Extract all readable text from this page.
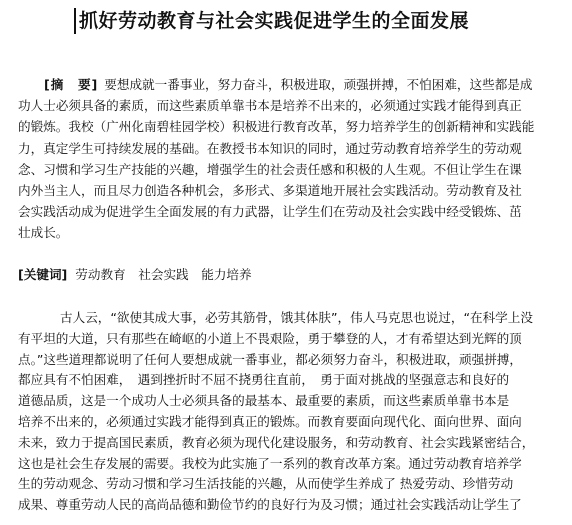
抓好劳动教育与社会实践促进学生的全面发展
[摘　要] 要想成就一番事业，努力奋斗，积极进取，顽强拼搏，不怕困难，这些都是成
功人士必须具备的素质，而这些素质单靠书本是培养不出来的，必须通过实践才能得到真正
的锻炼。我校（广州化南碧桂园学校）积极进行教育改革，努力培养学生的创新精神和实践能
力，真定学生可持续发展的基础。在教授书本知识的同时，通过劳动教育培养学生的劳动观
念、习惯和学习生产技能的兴趣，增强学生的社会责任感和积极的人生观。不但让学生在课
内外当主人，而且尽力创造各种机会，多形式、多渠道地开展社会实践活动。劳动教育及社
会实践活动成为促进学生全面发展的有力武器，让学生们在劳动及社会实践中经受锻炼、茁
壮成长。
[关键词] 劳动教育　社会实践　能力培养
古人云，“欲使其成大事，必劳其筋骨，饿其体肤”，伟人马克思也说过，“在科学上没
有平坦的大道，只有那些在崎岖的小道上不畏艰险，勇于攀登的人，才有希望达到光辉的顶
点。”这些道理都说明了任何人要想成就一番事业，都必须努力奋斗，积极进取，顽强拼搏，
都应具有不怕困难，　遇到挫折时不屈不挠勇往直前，　勇于面对挑战的坚强意志和良好的
道德品质，这是一个成功人士必须具备的最基本、最重要的素质，而这些素质单靠书本是
培养不出来的，必须通过实践才能得到真正的锻炼。而教育要面向现代化、面向世界、面向
未来，致力于提高国民素质，教育必须为现代化建设服务，和劳动教育、社会实践紧密结合，
这也是社会生存发展的需要。我校为此实施了一系列的教育改革方案。通过劳动教育培养学
生的劳动观念、劳动习惯和学习生活技能的兴趣，从而使学生养成了 热爱劳动、珍惜劳动
成果、尊重劳动人民的高尚品德和勤俭节约的良好行为及习惯；通过社会实践活动让学生了
